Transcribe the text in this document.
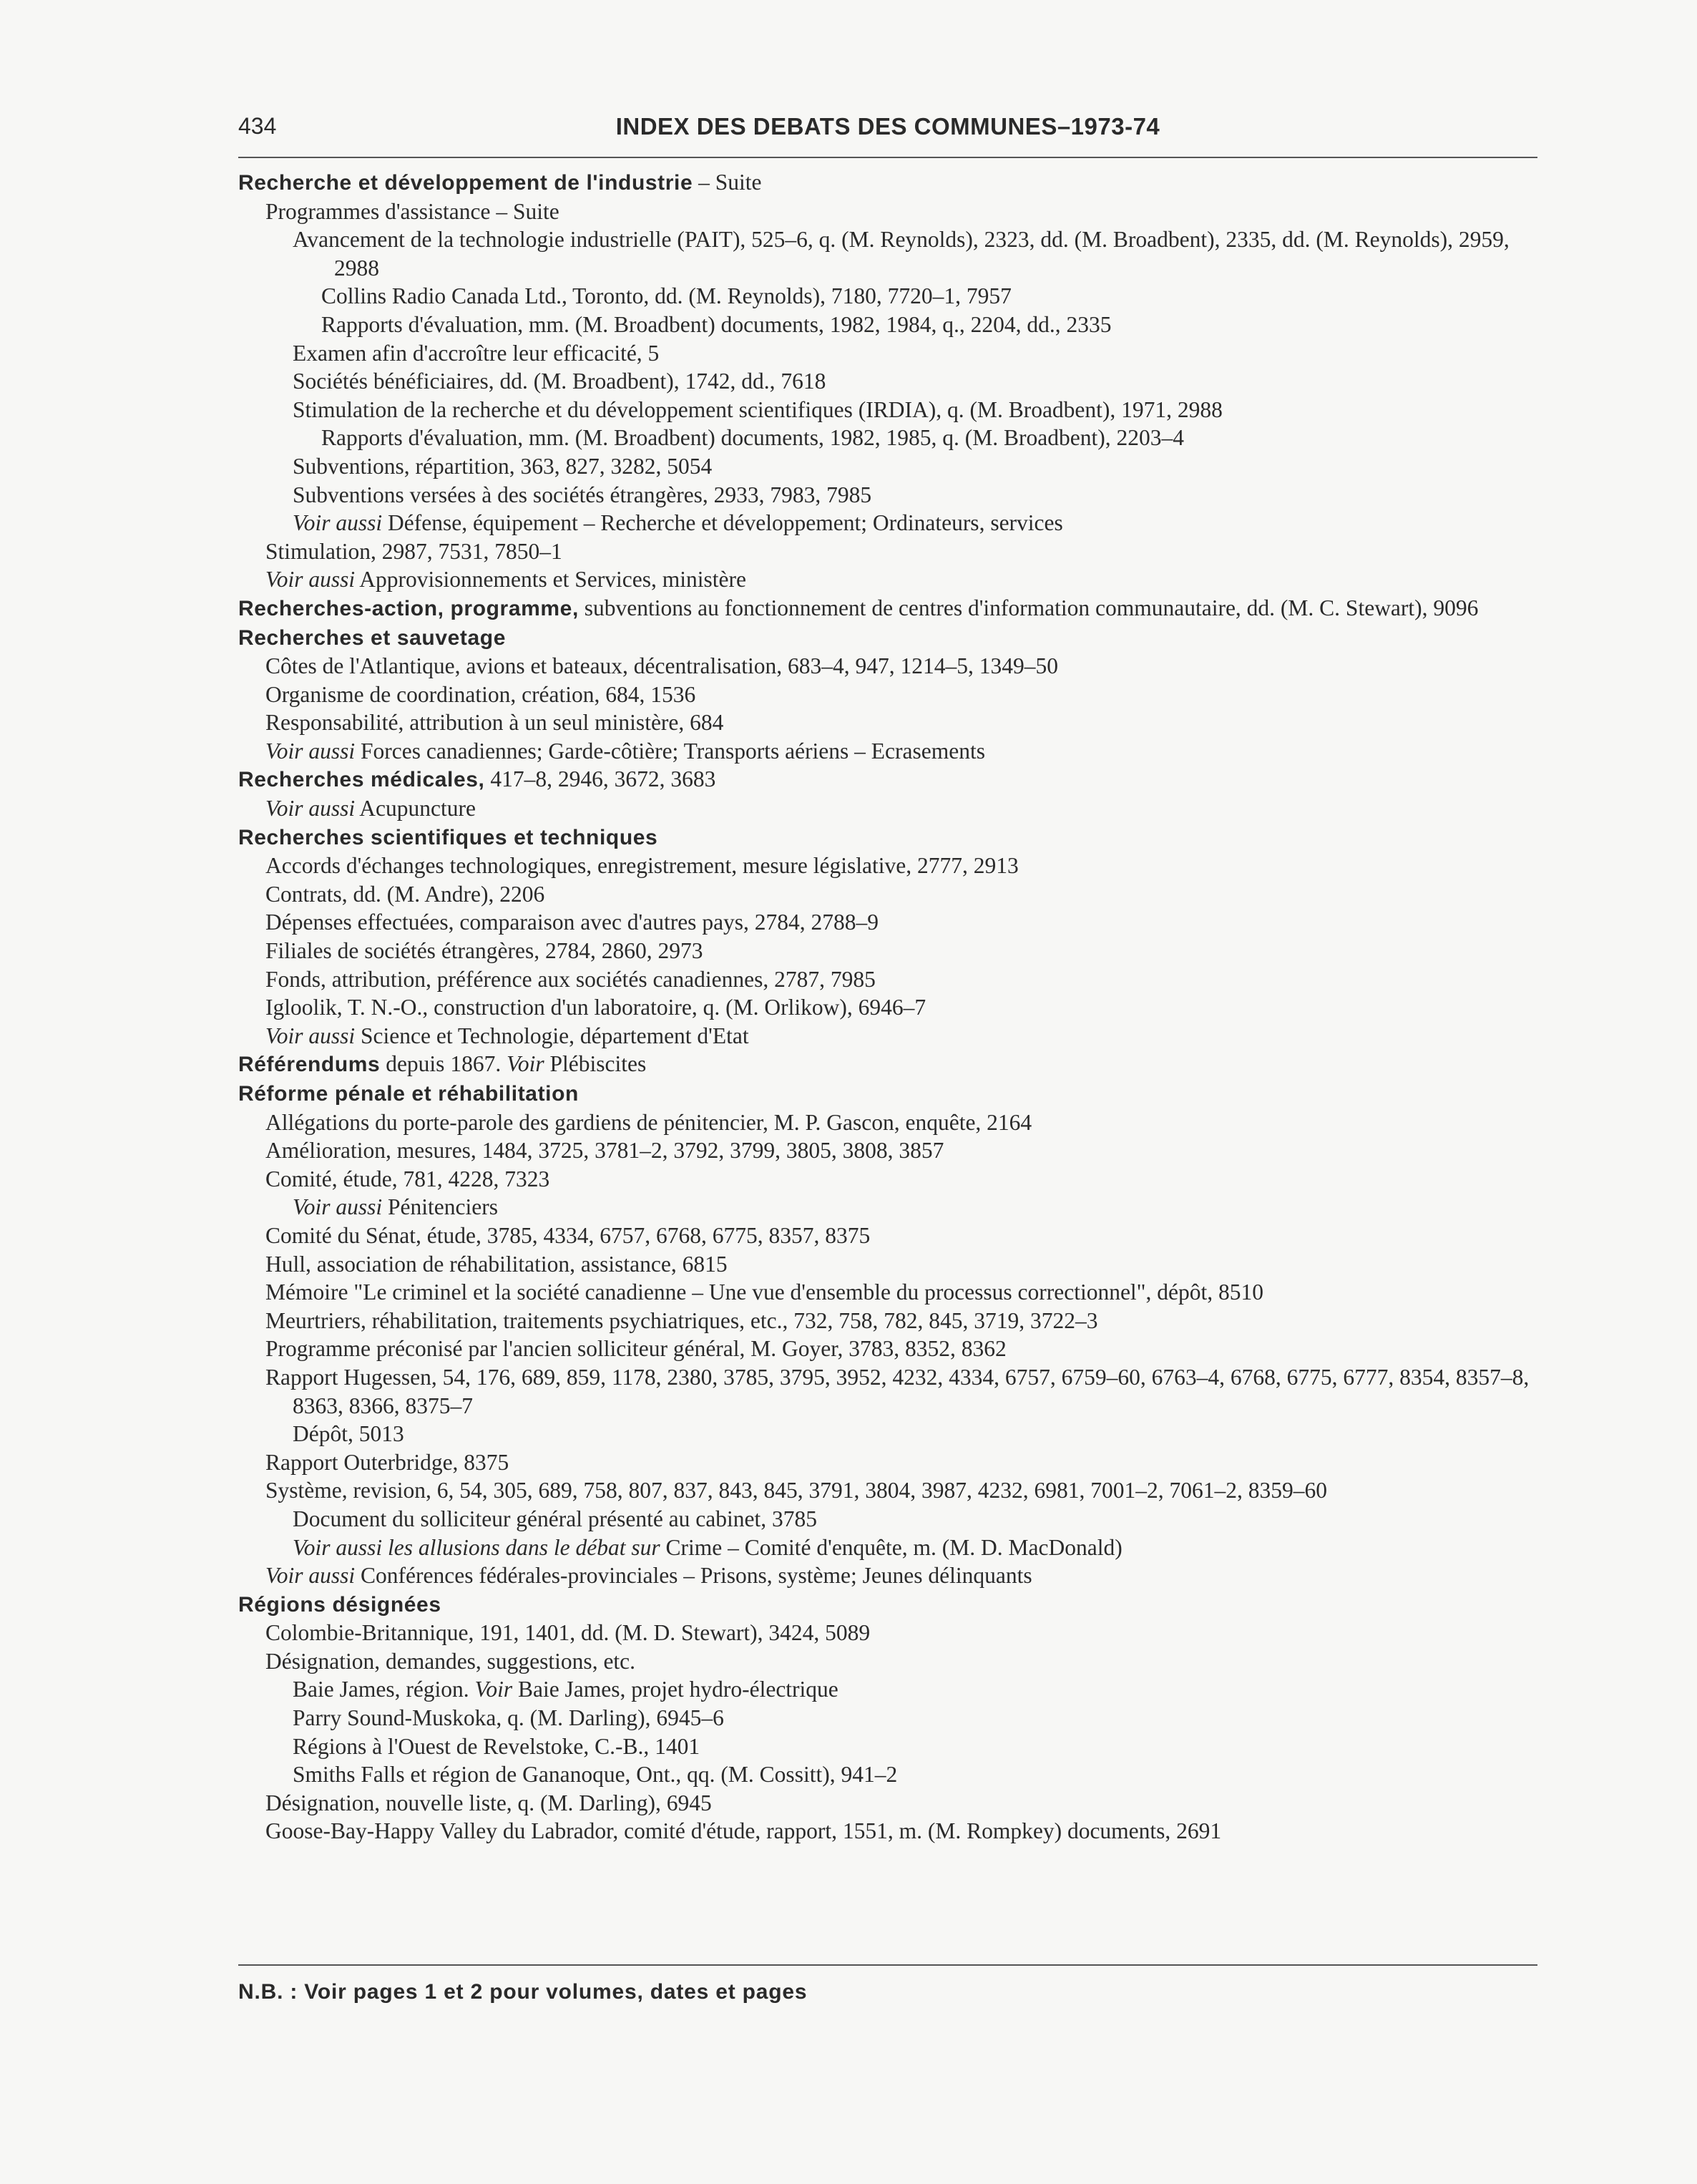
434	INDEX DES DEBATS DES COMMUNES–1973-74
Recherche et développement de l'industrie – Suite
Programmes d'assistance – Suite
Avancement de la technologie industrielle (PAIT), 525–6, q. (M. Reynolds), 2323, dd. (M. Broadbent), 2335, dd. (M. Reynolds), 2959, 2988
Collins Radio Canada Ltd., Toronto, dd. (M. Reynolds), 7180, 7720–1, 7957
Rapports d'évaluation, mm. (M. Broadbent) documents, 1982, 1984, q., 2204, dd., 2335
Examen afin d'accroître leur efficacité, 5
Sociétés bénéficiaires, dd. (M. Broadbent), 1742, dd., 7618
Stimulation de la recherche et du développement scientifiques (IRDIA), q. (M. Broadbent), 1971, 2988
Rapports d'évaluation, mm. (M. Broadbent) documents, 1982, 1985, q. (M. Broadbent), 2203–4
Subventions, répartition, 363, 827, 3282, 5054
Subventions versées à des sociétés étrangères, 2933, 7983, 7985
Voir aussi Défense, équipement – Recherche et développement; Ordinateurs, services
Stimulation, 2987, 7531, 7850–1
Voir aussi Approvisionnements et Services, ministère
Recherches-action, programme, subventions au fonctionnement de centres d'information communautaire, dd. (M. C. Stewart), 9096
Recherches et sauvetage
Côtes de l'Atlantique, avions et bateaux, décentralisation, 683–4, 947, 1214–5, 1349–50
Organisme de coordination, création, 684, 1536
Responsabilité, attribution à un seul ministère, 684
Voir aussi Forces canadiennes; Garde-côtière; Transports aériens – Ecrasements
Recherches médicales, 417–8, 2946, 3672, 3683
Voir aussi Acupuncture
Recherches scientifiques et techniques
Accords d'échanges technologiques, enregistrement, mesure législative, 2777, 2913
Contrats, dd. (M. Andre), 2206
Dépenses effectuées, comparaison avec d'autres pays, 2784, 2788–9
Filiales de sociétés étrangères, 2784, 2860, 2973
Fonds, attribution, préférence aux sociétés canadiennes, 2787, 7985
Igloolik, T. N.-O., construction d'un laboratoire, q. (M. Orlikow), 6946–7
Voir aussi Science et Technologie, département d'Etat
Référendums depuis 1867. Voir Plébiscites
Réforme pénale et réhabilitation
Allégations du porte-parole des gardiens de pénitencier, M. P. Gascon, enquête, 2164
Amélioration, mesures, 1484, 3725, 3781–2, 3792, 3799, 3805, 3808, 3857
Comité, étude, 781, 4228, 7323
Voir aussi Pénitenciers
Comité du Sénat, étude, 3785, 4334, 6757, 6768, 6775, 8357, 8375
Hull, association de réhabilitation, assistance, 6815
Mémoire "Le criminel et la société canadienne – Une vue d'ensemble du processus correctionnel", dépôt, 8510
Meurtriers, réhabilitation, traitements psychiatriques, etc., 732, 758, 782, 845, 3719, 3722–3
Programme préconisé par l'ancien solliciteur général, M. Goyer, 3783, 8352, 8362
Rapport Hugessen, 54, 176, 689, 859, 1178, 2380, 3785, 3795, 3952, 4232, 4334, 6757, 6759–60, 6763–4, 6768, 6775, 6777, 8354, 8357–8, 8363, 8366, 8375–7
Dépôt, 5013
Rapport Outerbridge, 8375
Système, revision, 6, 54, 305, 689, 758, 807, 837, 843, 845, 3791, 3804, 3987, 4232, 6981, 7001–2, 7061–2, 8359–60
Document du solliciteur général présenté au cabinet, 3785
Voir aussi les allusions dans le débat sur Crime – Comité d'enquête, m. (M. D. MacDonald)
Voir aussi Conférences fédérales-provinciales – Prisons, système; Jeunes délinquants
Régions désignées
Colombie-Britannique, 191, 1401, dd. (M. D. Stewart), 3424, 5089
Désignation, demandes, suggestions, etc.
Baie James, région. Voir Baie James, projet hydro-électrique
Parry Sound-Muskoka, q. (M. Darling), 6945–6
Régions à l'Ouest de Revelstoke, C.-B., 1401
Smiths Falls et région de Gananoque, Ont., qq. (M. Cossitt), 941–2
Désignation, nouvelle liste, q. (M. Darling), 6945
Goose-Bay-Happy Valley du Labrador, comité d'étude, rapport, 1551, m. (M. Rompkey) documents, 2691
N.B. : Voir pages 1 et 2 pour volumes, dates et pages
